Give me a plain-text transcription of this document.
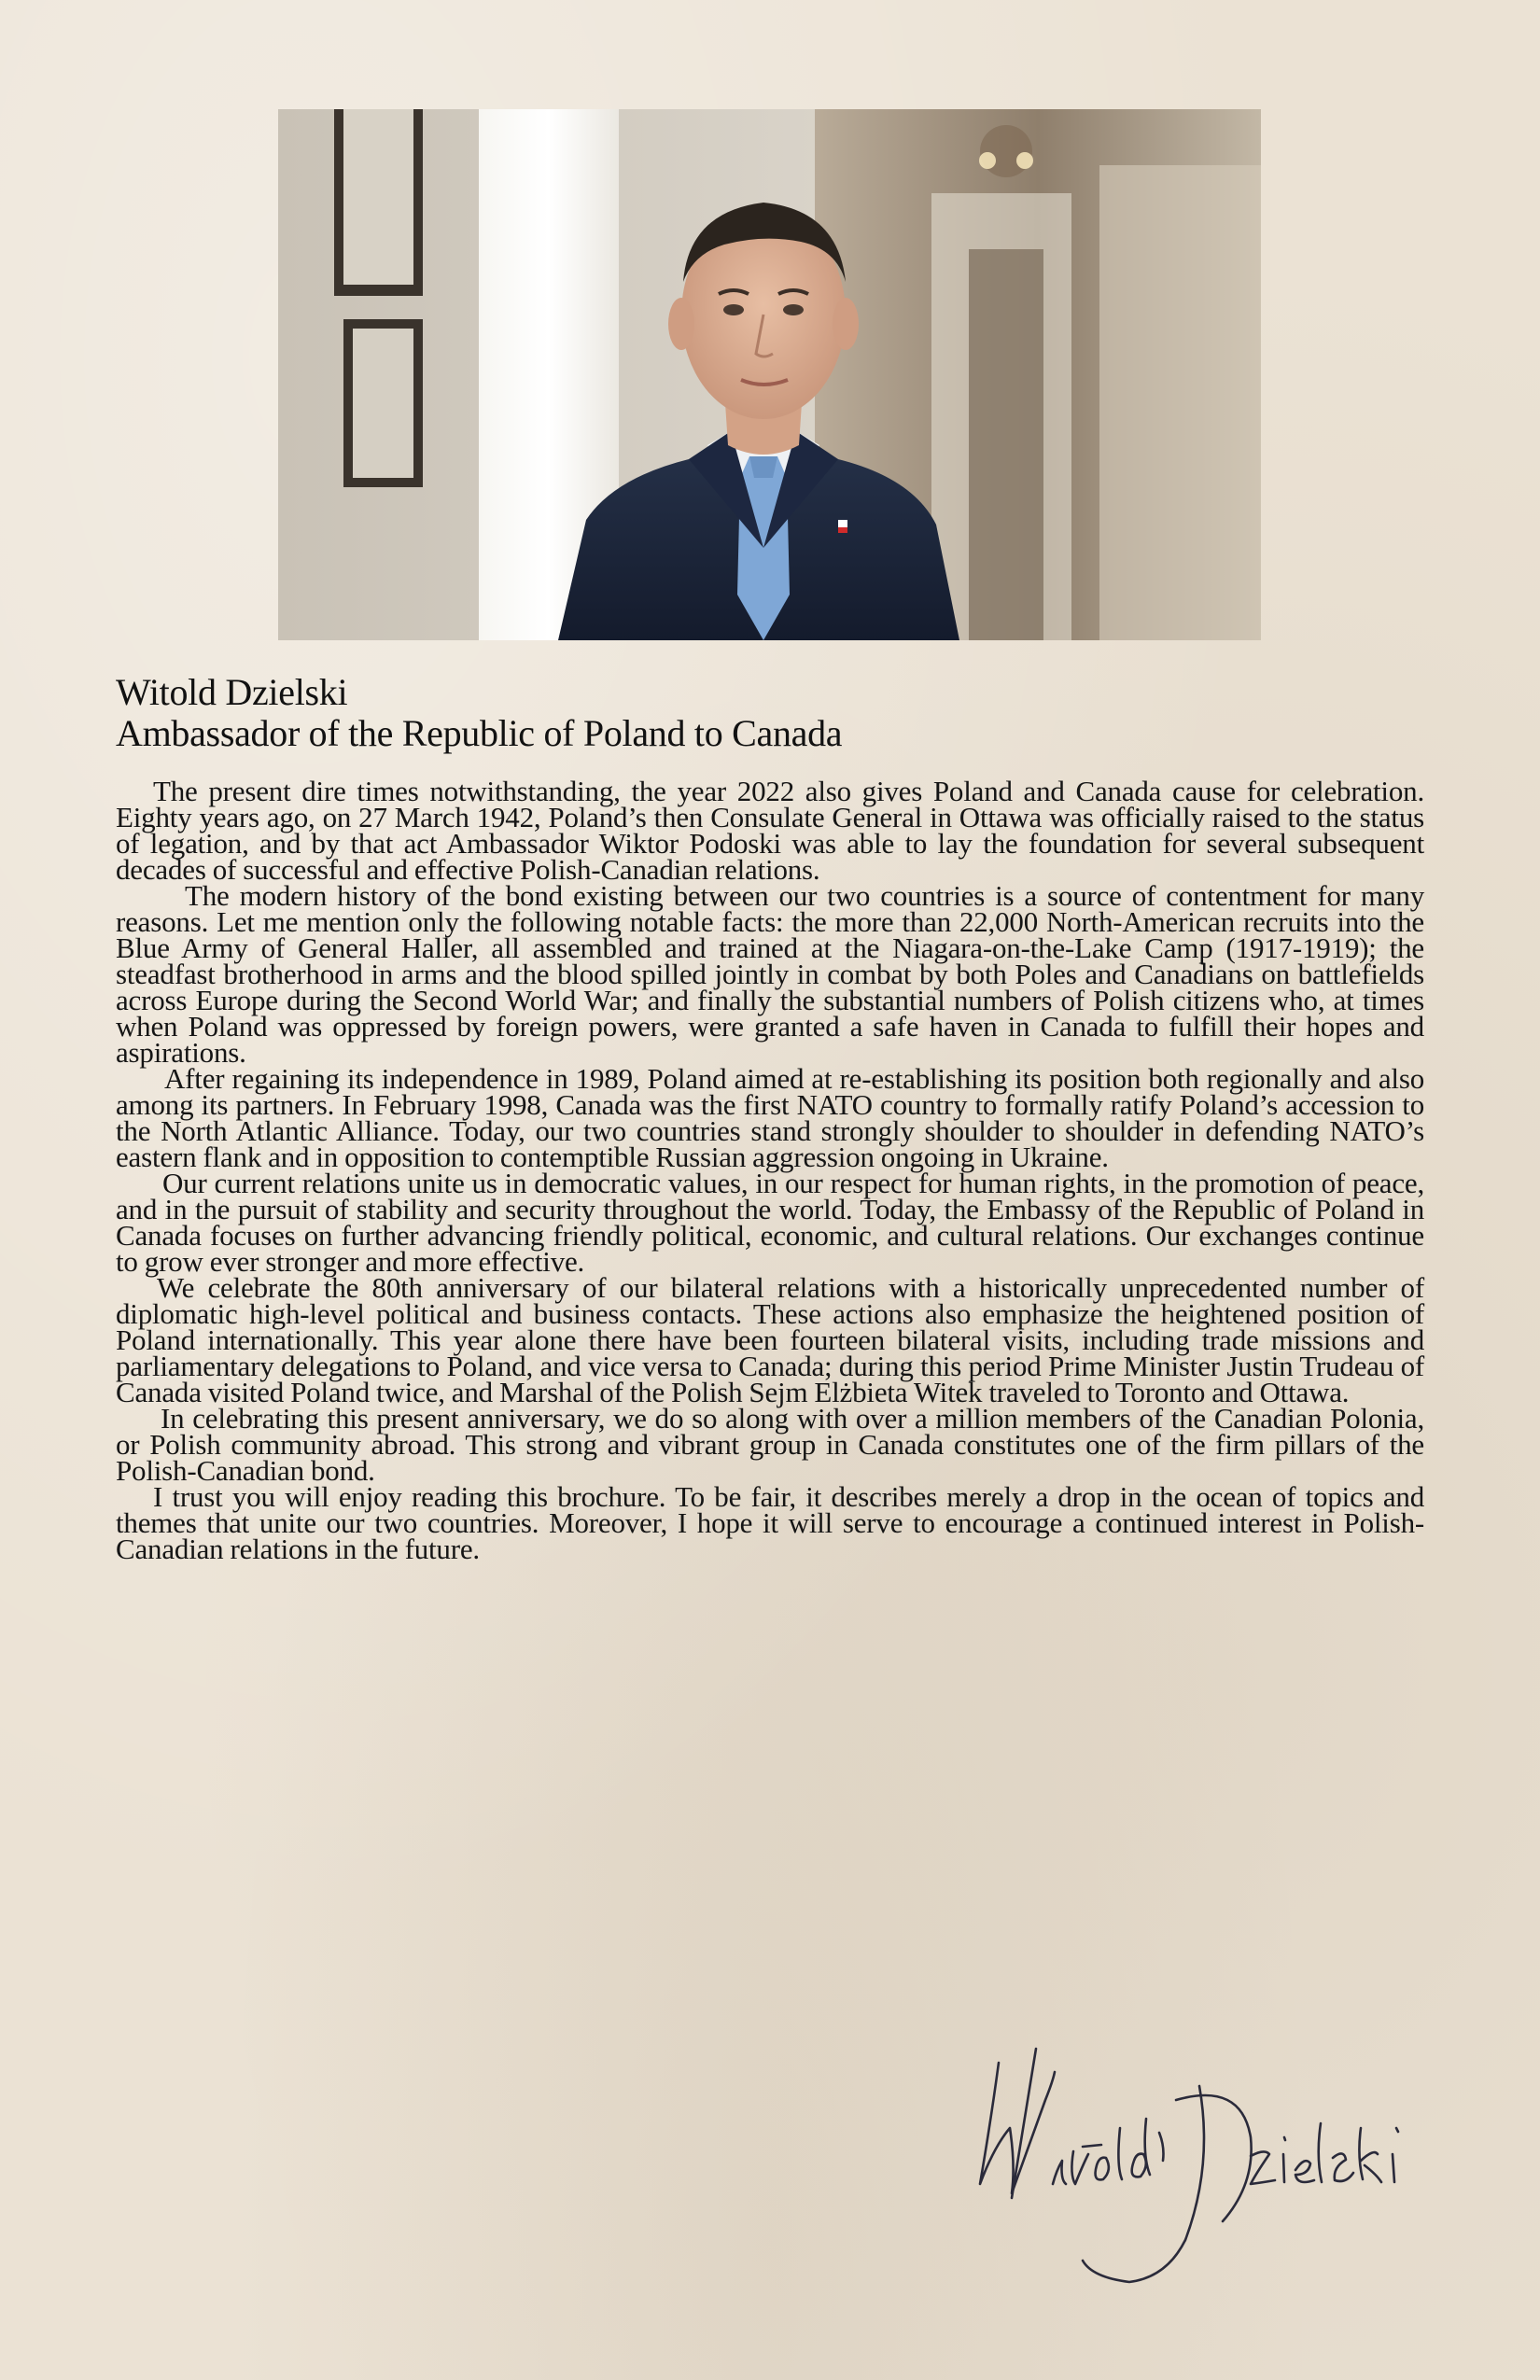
Witold Dzielski
Ambassador of the Republic of Poland to Canada

The present dire times notwithstanding, the year 2022 also gives Poland and Canada cause for celebration. Eighty years ago, on 27 March 1942, Poland’s then Consulate General in Ottawa was officially raised to the status of legation, and by that act Ambassador Wiktor Podoski was able to lay the foundation for several subsequent decades of successful and effective Polish-Canadian relations.

The modern history of the bond existing between our two countries is a source of contentment for many reasons. Let me mention only the following notable facts: the more than 22,000 North-American recruits into the Blue Army of General Haller, all assembled and trained at the Niagara-on-the-Lake Camp (1917-1919); the steadfast brotherhood in arms and the blood spilled jointly in combat by both Poles and Canadians on battlefields across Europe during the Second World War; and finally the substantial numbers of Polish citizens who, at times when Poland was oppressed by foreign powers, were granted a safe haven in Canada to fulfill their hopes and aspirations.

After regaining its independence in 1989, Poland aimed at re-establishing its position both regionally and also among its partners. In February 1998, Canada was the first NATO country to formally ratify Poland’s accession to the North Atlantic Alliance. Today, our two countries stand strongly shoulder to shoulder in defending NATO’s eastern flank and in opposition to contemptible Russian aggression ongoing in Ukraine.

Our current relations unite us in democratic values, in our respect for human rights, in the promotion of peace, and in the pursuit of stability and security throughout the world. Today, the Embassy of the Republic of Poland in Canada focuses on further advancing friendly political, economic, and cultural relations. Our exchanges continue to grow ever stronger and more effective.

We celebrate the 80th anniversary of our bilateral relations with a historically unprecedented number of diplomatic high-level political and business contacts. These actions also emphasize the heightened position of Poland internationally. This year alone there have been fourteen bilateral visits, including trade missions and parliamentary delegations to Poland, and vice versa to Canada; during this period Prime Minister Justin Trudeau of Canada visited Poland twice, and Marshal of the Polish Sejm Elżbieta Witek traveled to Toronto and Ottawa.

In celebrating this present anniversary, we do so along with over a million members of the Canadian Polonia, or Polish community abroad. This strong and vibrant group in Canada constitutes one of the firm pillars of the Polish-Canadian bond.

I trust you will enjoy reading this brochure. To be fair, it describes merely a drop in the ocean of topics and themes that unite our two countries. Moreover, I hope it will serve to encourage a continued interest in Polish-Canadian relations in the future.
